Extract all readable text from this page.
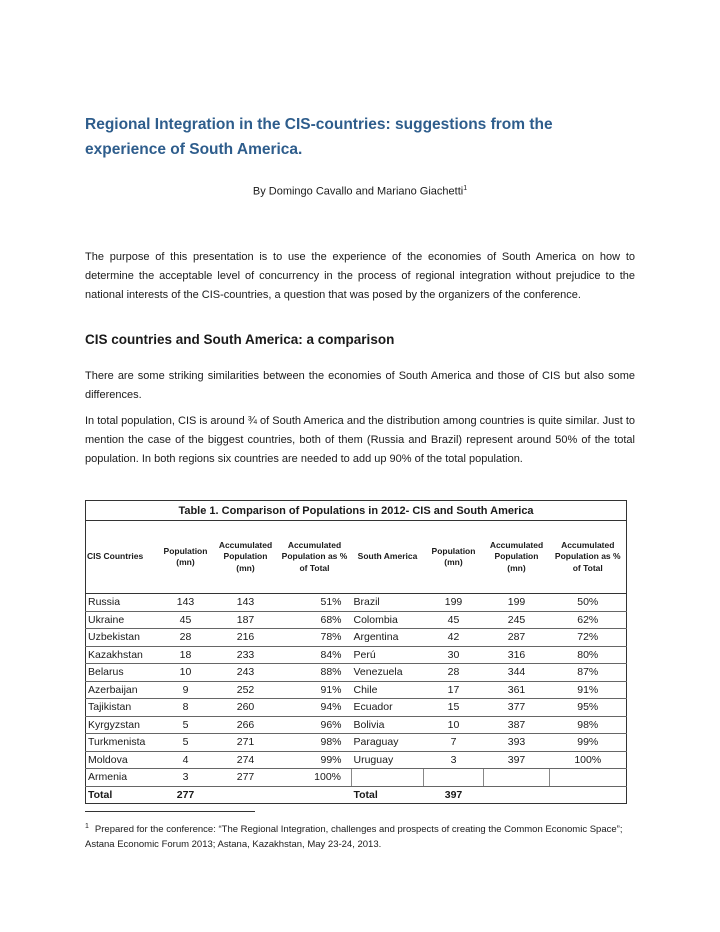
Regional Integration in the CIS-countries: suggestions from the experience of South America.
By Domingo Cavallo and Mariano Giachetti$^1$

The purpose of this presentation is to use the experience of the economies of South America on how to determine the acceptable level of concurrency in the process of regional integration without prejudice to the national interests of the CIS-countries, a question that was posed by the organizers of the conference.

CIS countries and South America: a comparison

There are some striking similarities between the economies of South America and those of CIS but also some differences.

In total population, CIS is around ¾ of South America and the distribution among countries is quite similar. Just to mention the case of the biggest countries, both of them (Russia and Brazil) represent around 50% of the total population. In both regions six countries are needed to add up 90% of the total population.

Table 1. Comparison of Populations in 2012- CIS and South America							
CIS Countries	Population (mn)	Accumulated Population (mn)	Accumulated Population as % of Total	South America	Population (mn)	Accumulated Population (mn)	Accumulated Population as % of Total
Russia	143	143	51%	Brazil	199	199	50%
Ukraine	45	187	68%	Colombia	45	245	62%
Uzbekistan	28	216	78%	Argentina	42	287	72%
Kazakhstan	18	233	84%	Perú	30	316	80%
Belarus	10	243	88%	Venezuela	28	344	87%
Azerbaijan	9	252	91%	Chile	17	361	91%
Tajikistan	8	260	94%	Ecuador	15	377	95%
Kyrgyzstan	5	266	96%	Bolivia	10	387	98%
Turkmenista	5	271	98%	Paraguay	7	393	99%
Moldova	4	274	99%	Uruguay	3	397	100%
Armenia	3	277	100%				
Total	277			Total	397		
$^1$ Prepared for the conference: “The Regional Integration, challenges and prospects of creating the Common Economic Space”; Astana Economic Forum 2013; Astana, Kazakhstan, May 23-24, 2013.
